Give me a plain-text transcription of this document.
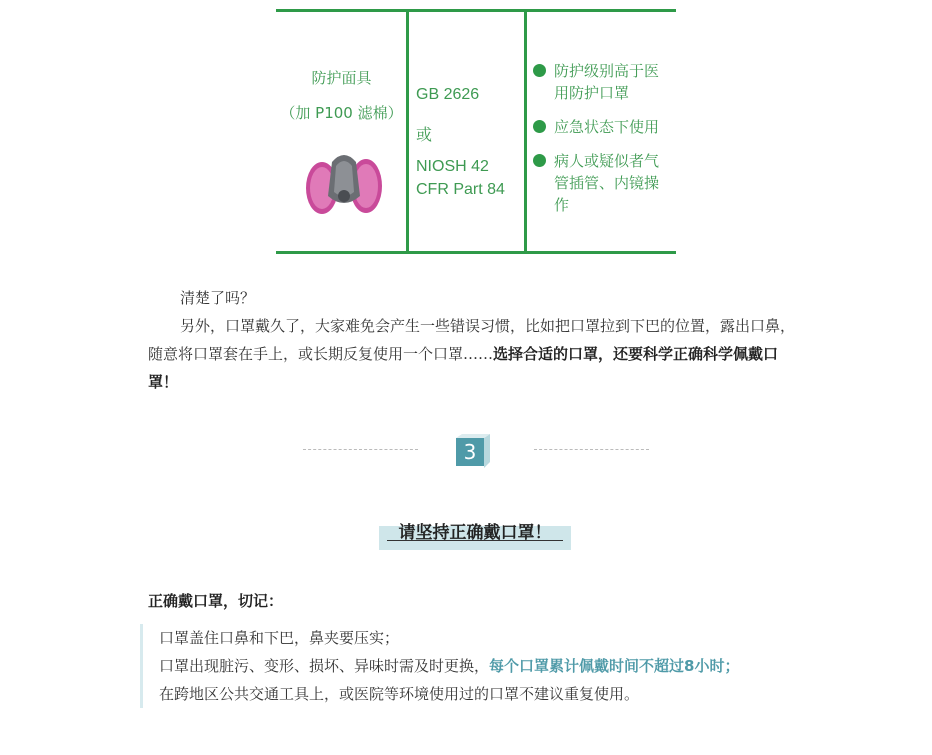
防护面具
（加 P100 滤棉）
GB 2626
或
NIOSH 42
CFR Part 84
防护级别高于医用防护口罩
应急状态下使用
病人或疑似者气管插管、内镜操作
清楚了吗？
另外，口罩戴久了，大家难免会产生一些错误习惯，比如把口罩拉到下巴的位置，露出口鼻，随意将口罩套在手上，或长期反复使用一个口罩……选择合适的口罩，还要科学正确科学佩戴口罩！
3
请坚持正确戴口罩！
正确戴口罩，切记：
口罩盖住口鼻和下巴，鼻夹要压实；
口罩出现脏污、变形、损坏、异味时需及时更换，每个口罩累计佩戴时间不超过8小时；
在跨地区公共交通工具上，或医院等环境使用过的口罩不建议重复使用。
